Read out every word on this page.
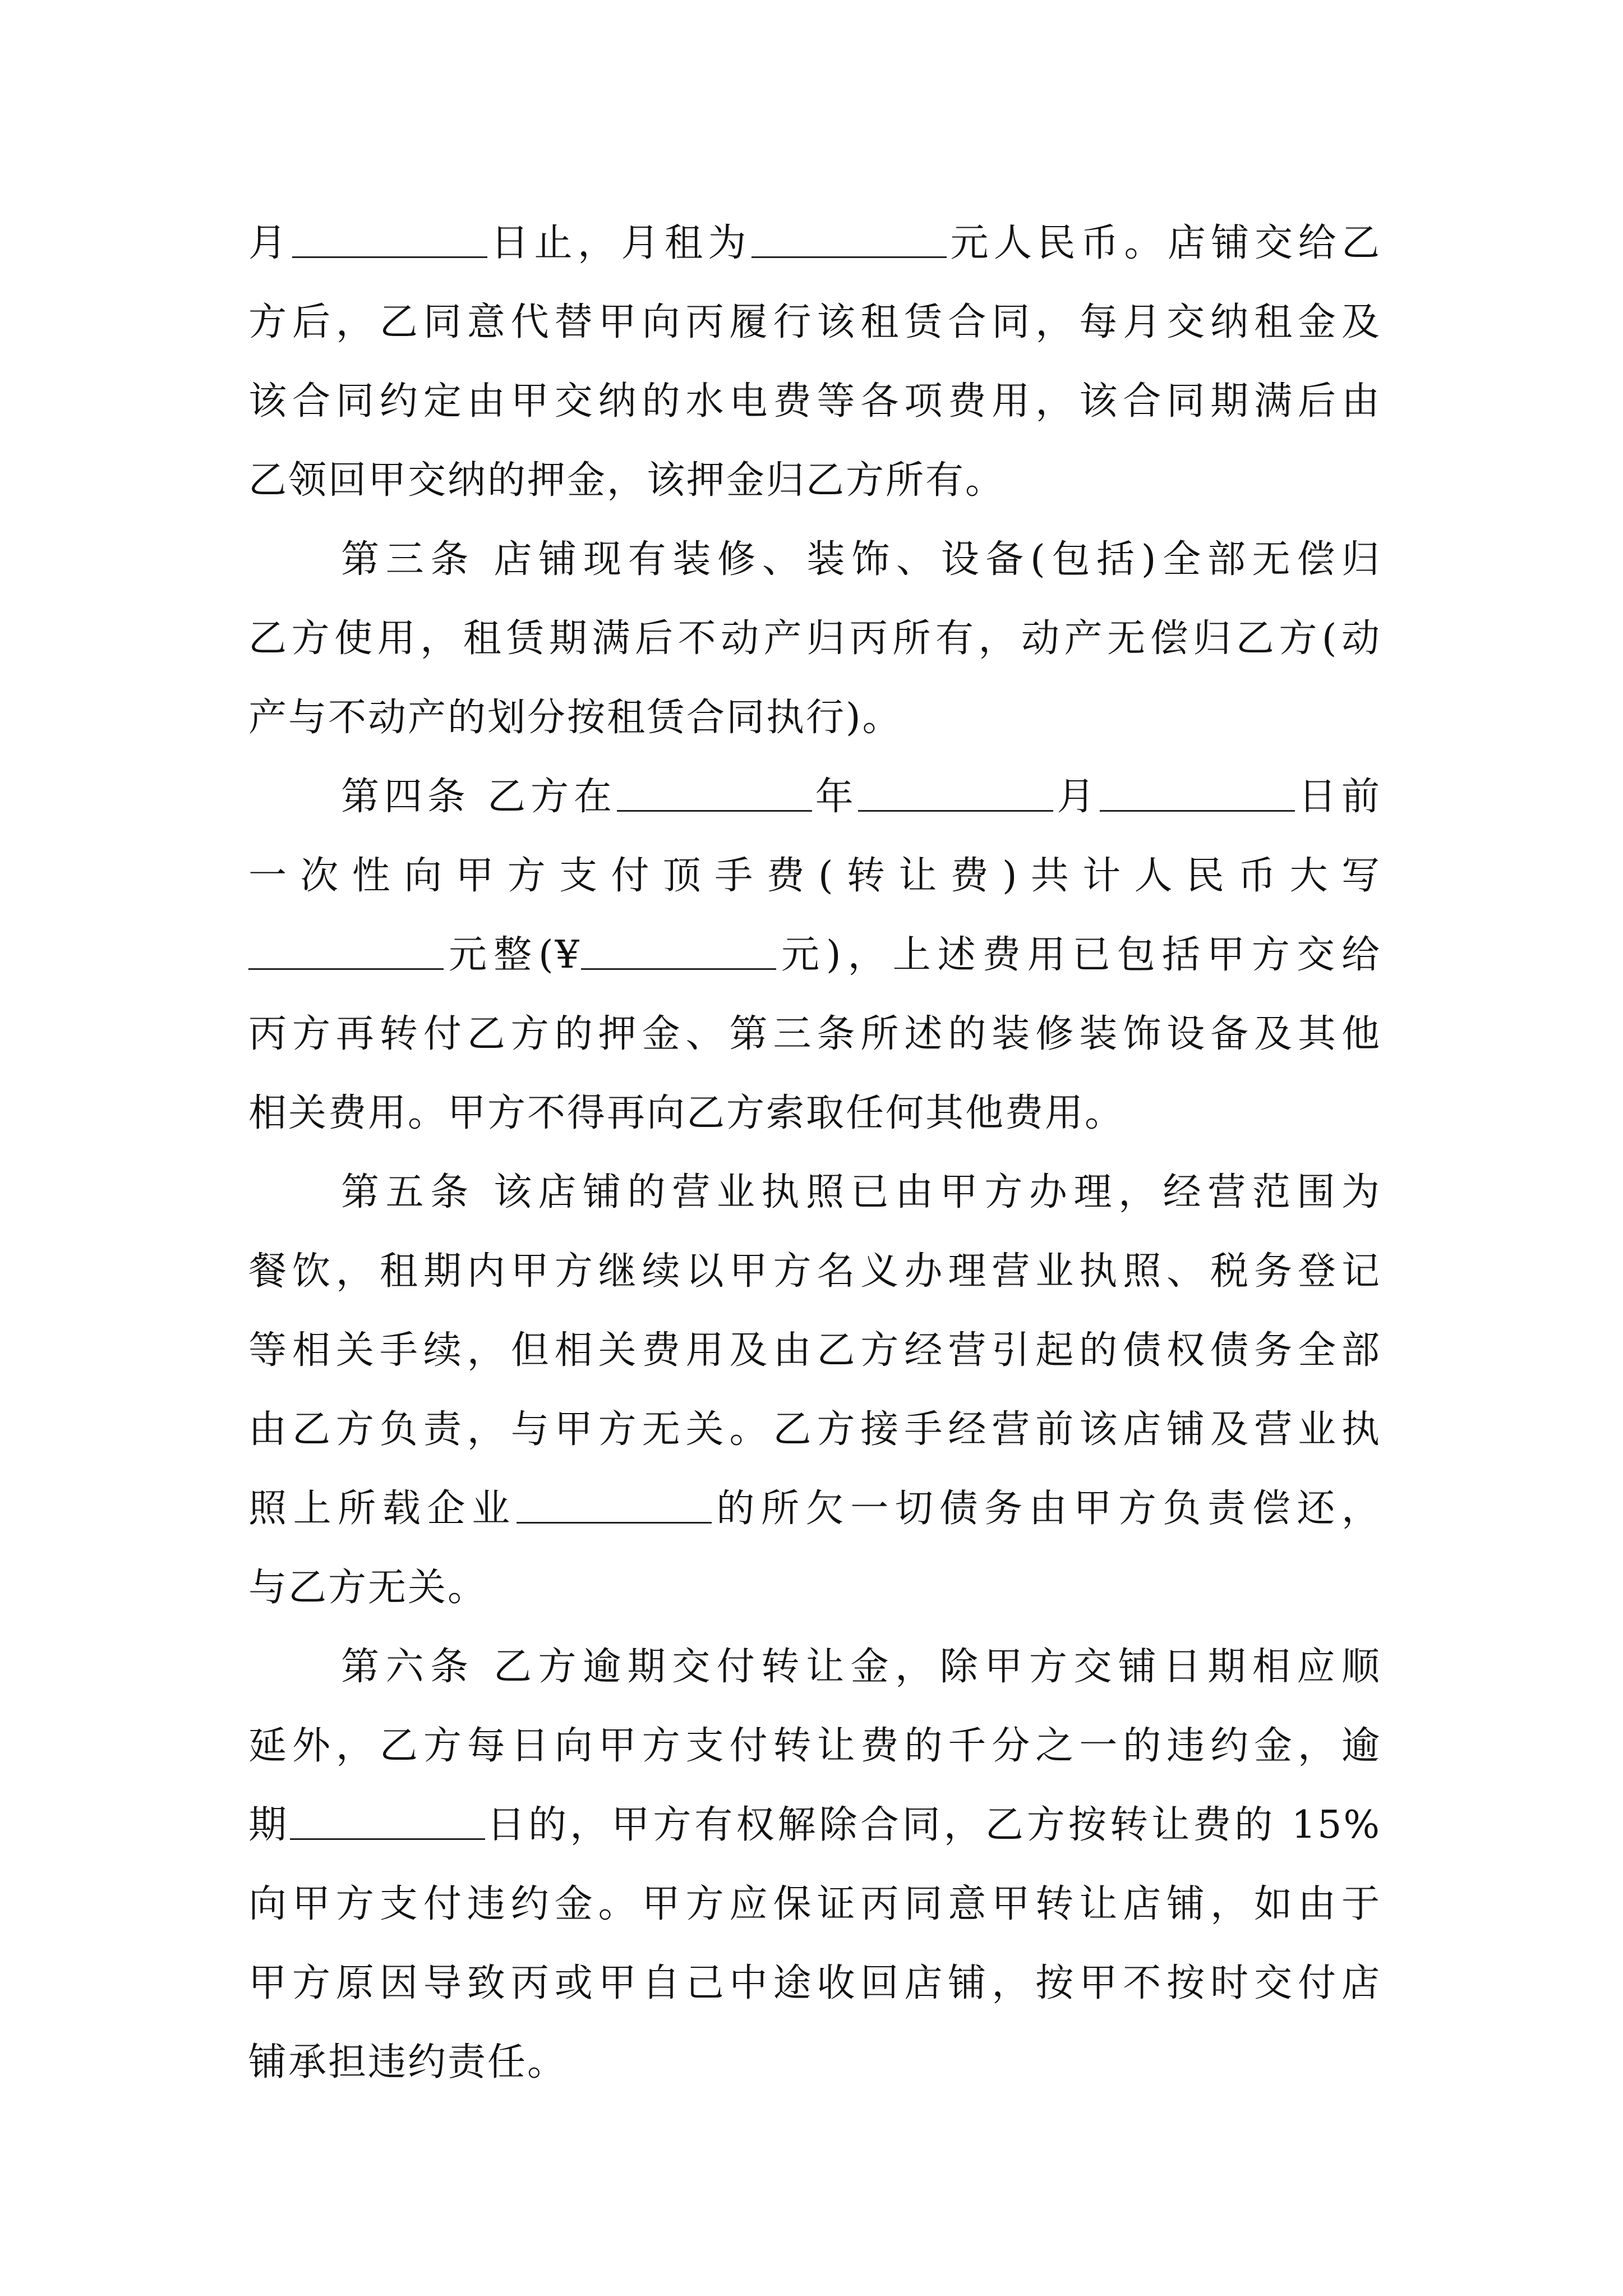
月	日止，月租为	元人民币。店铺交给乙
方后，乙同意代替甲向丙履行该租赁合同，每月交纳租金及
该合同约定由甲交纳的水电费等各项费用，该合同期满后由
乙领回甲交纳的押金，该押金归乙方所有。
第三条 店铺现有装修、装饰、设备(包括)全部无偿归
乙方使用，租赁期满后不动产归丙所有，动产无偿归乙方(动
产与不动产的划分按租赁合同执行)。
第四条 乙方在	年	月	日前
一次性向甲方支付顶手费(转让费)共计人民币大写
元整(¥	元)，上述费用已包括甲方交给
丙方再转付乙方的押金、第三条所述的装修装饰设备及其他
相关费用。甲方不得再向乙方索取任何其他费用。
第五条 该店铺的营业执照已由甲方办理，经营范围为
餐饮，租期内甲方继续以甲方名义办理营业执照、税务登记
等相关手续，但相关费用及由乙方经营引起的债权债务全部
由乙方负责，与甲方无关。乙方接手经营前该店铺及营业执
照上所载企业	的所欠一切债务由甲方负责偿还，
与乙方无关。
第六条 乙方逾期交付转让金，除甲方交铺日期相应顺
延外，乙方每日向甲方支付转让费的千分之一的违约金，逾
期	日的，甲方有权解除合同，乙方按转让费的 15%
向甲方支付违约金。甲方应保证丙同意甲转让店铺，如由于
甲方原因导致丙或甲自己中途收回店铺，按甲不按时交付店
铺承担违约责任。
